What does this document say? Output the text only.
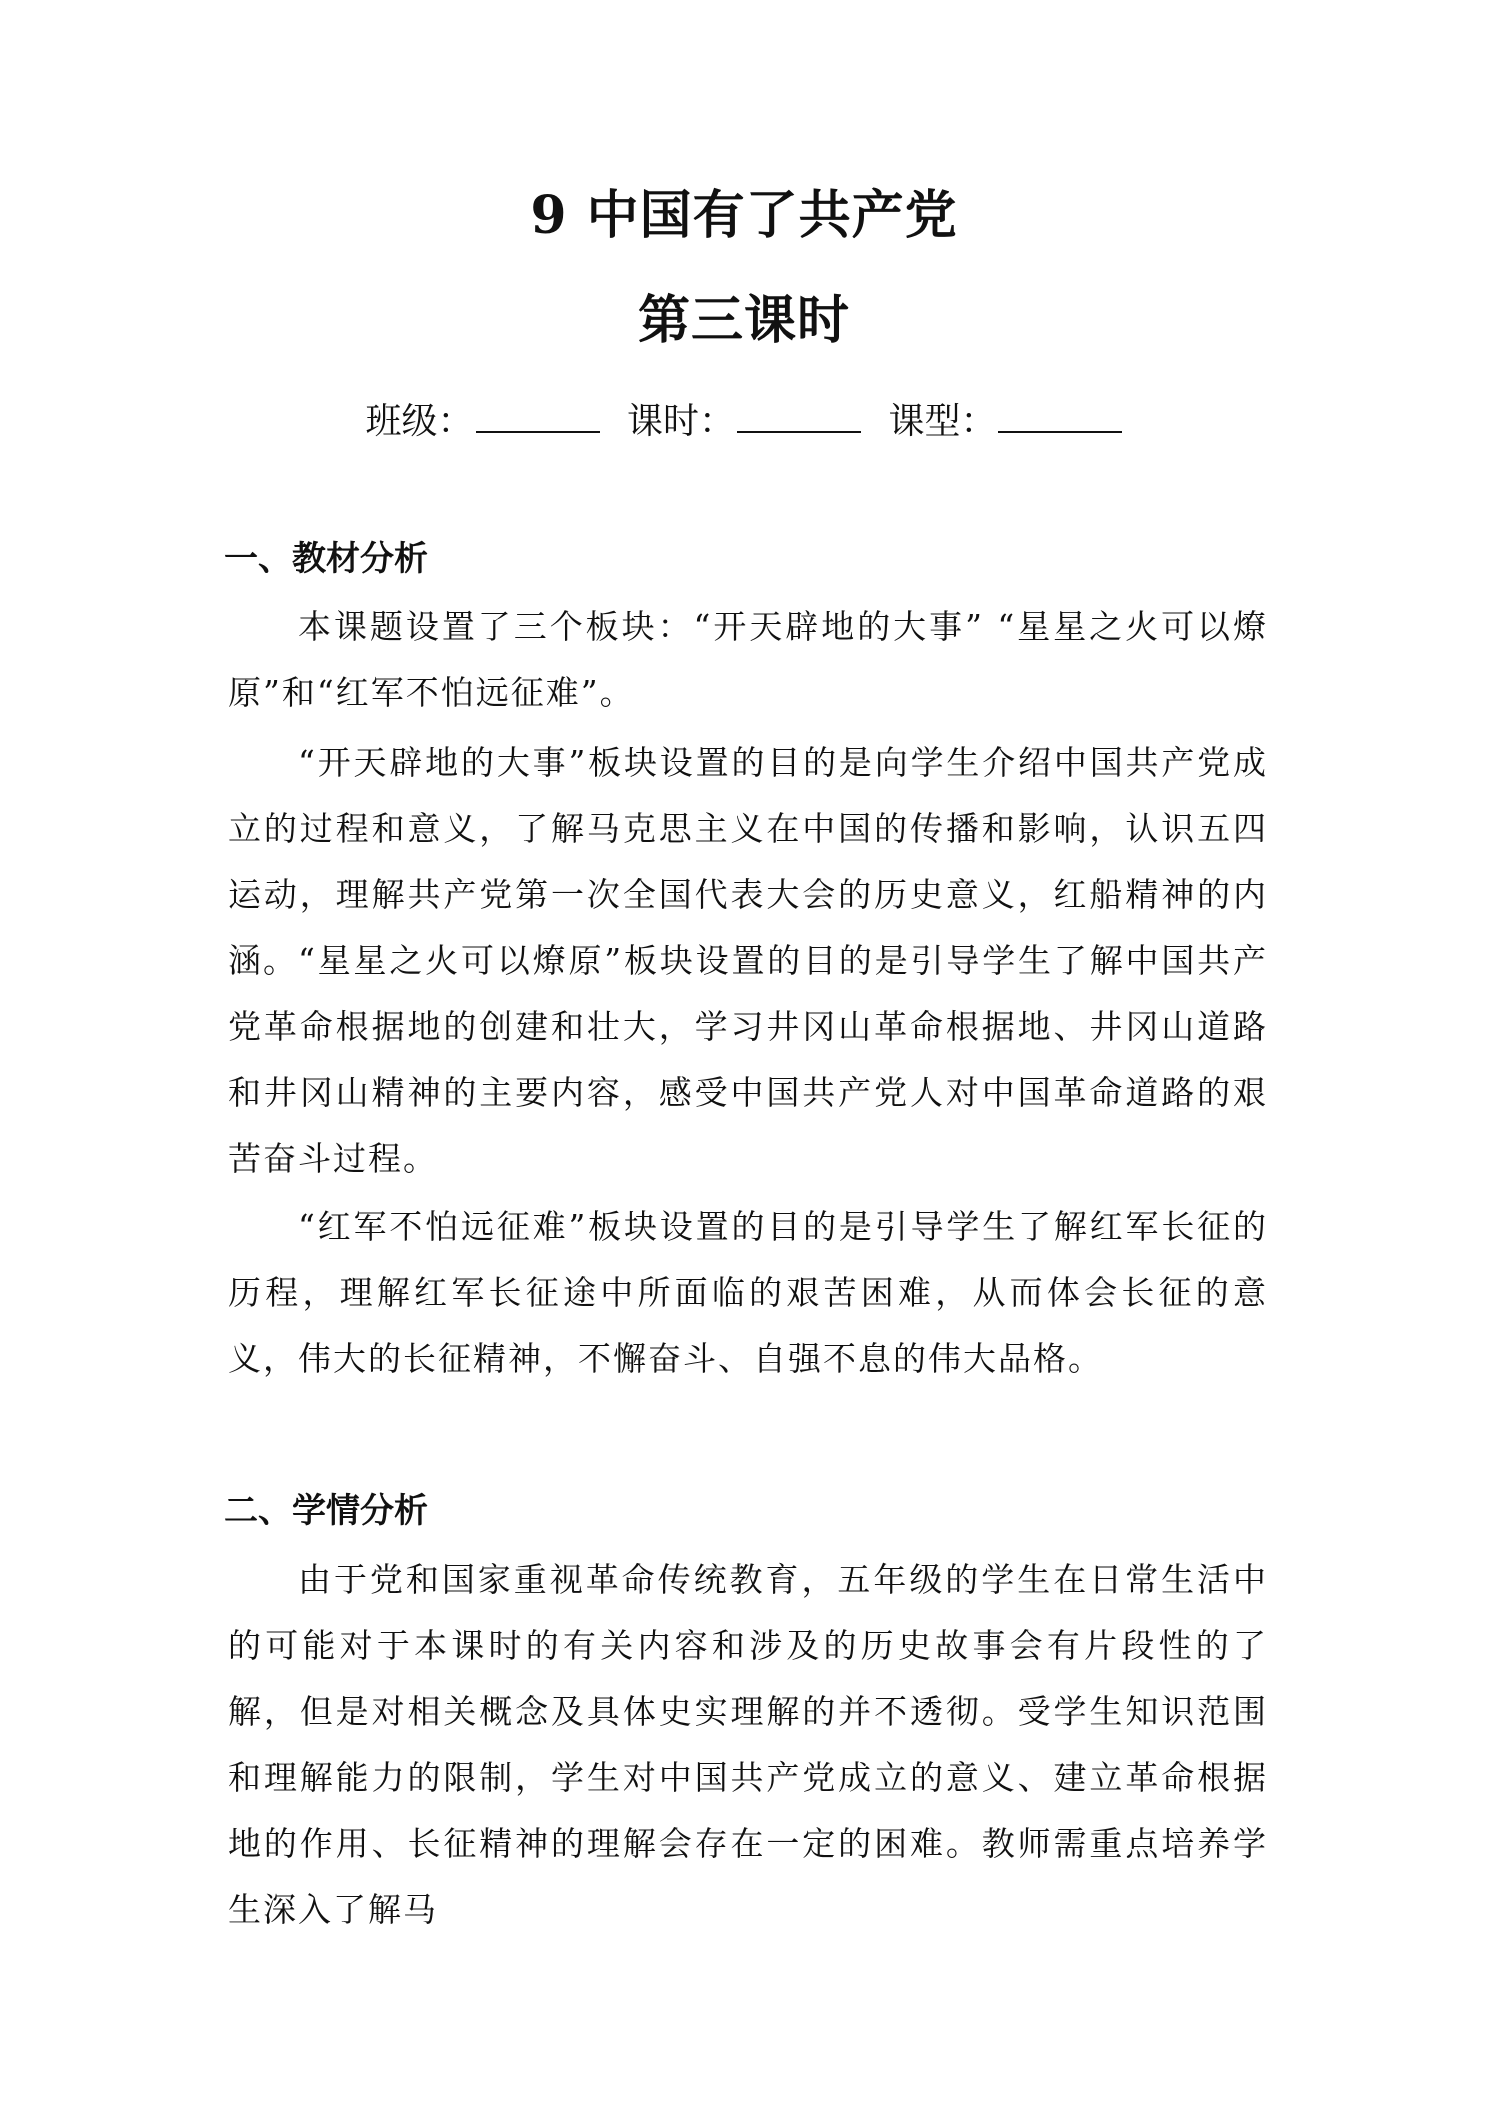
9 中国有了共产党
第三课时
班级：	课时：	课型：
一、教材分析

本课题设置了三个板块：“开天辟地的大事” “星星之火可以燎原”和“红军不怕远征难”。

“开天辟地的大事”板块设置的目的是向学生介绍中国共产党成立的过程和意义，了解马克思主义在中国的传播和影响，认识五四运动，理解共产党第一次全国代表大会的历史意义，红船精神的内涵。 “星星之火可以燎原”板块设置的目的是引导学生了解中国共产党革命根据地的创建和壮大，学习井冈山革命根据地、井冈山道路和井冈山精神的主要内容，感受中国共产党人对中国革命道路的艰苦奋斗过程。

“红军不怕远征难”板块设置的目的是引导学生了解红军长征的历程，理解红军长征途中所面临的艰苦困难，从而体会长征的意义，伟大的长征精神，不懈奋斗、自强不息的伟大品格。

二、学情分析

由于党和国家重视革命传统教育，五年级的学生在日常生活中的可能对于本课时的有关内容和涉及的历史故事会有片段性的了解，但是对相关概念及具体史实理解的并不透彻。受学生知识范围和理解能力的限制，学生对中国共产党成立的意义、建立革命根据地的作用、长征精神的理解会存在一定的困难。教师需重点培养学生深入了解马
